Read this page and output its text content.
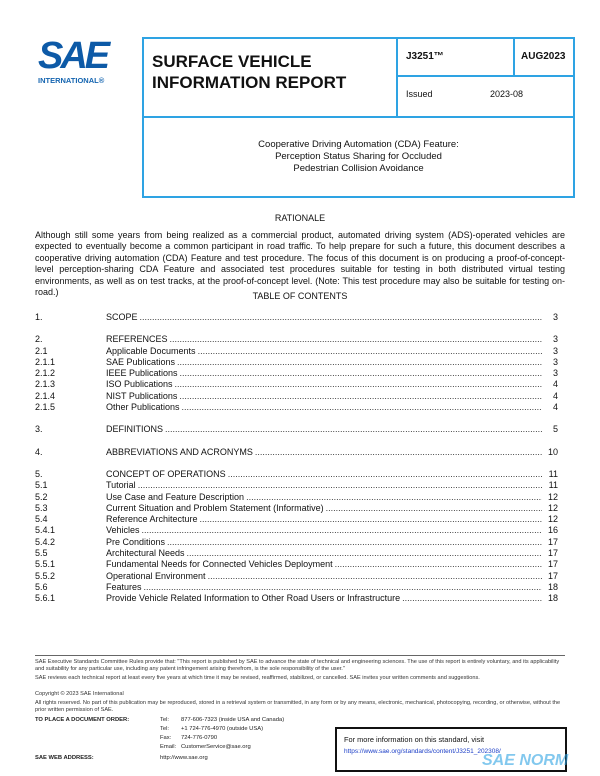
SAE
INTERNATIONAL®
SURFACE VEHICLE
INFORMATION REPORT
J3251™	AUG2023
Issued	2023-08
Cooperative Driving Automation (CDA) Feature:
Perception Status Sharing for Occluded
Pedestrian Collision Avoidance
RATIONALE
Although still some years from being realized as a commercial product, automated driving system (ADS)-operated vehicles are expected to eventually become a common participant in road traffic. To help prepare for such a future, this document describes a cooperative driving automation (CDA) Feature and test procedure. The focus of this document is on producing a proof-of-concept-level perception-sharing CDA Feature and associated test procedures suitable for testing in both distributed virtual testing environments, as well as on test tracks, at the proof-of-concept level. (Note: This test procedure may also be suitable for testing on-road.)	TABLE OF CONTENTS
1.	SCOPE .....	3
2.	REFERENCES .....	3
2.1	Applicable Documents .....	3
2.1.1	SAE Publications .....	3
2.1.2	IEEE Publications .....	3
2.1.3	ISO Publications .....	4
2.1.4	NIST Publications .....	4
2.1.5	Other Publications .....	4
3.	DEFINITIONS .....	5
4.	ABBREVIATIONS AND ACRONYMS .....	10
5.	CONCEPT OF OPERATIONS .....	11
5.1	Tutorial .....	11
5.2	Use Case and Feature Description .....	12
5.3	Current Situation and Problem Statement (Informative) .....	12
5.4	Reference Architecture .....	12
5.4.1	Vehicles .....	16
5.4.2	Pre Conditions .....	17
5.5	Architectural Needs .....	17
5.5.1	Fundamental Needs for Connected Vehicles Deployment .....	17
5.5.2	Operational Environment .....	17
5.6	Features .....	18
5.6.1	Provide Vehicle Related Information to Other Road Users or Infrastructure .....	18
SAE Executive Standards Committee Rules provide that: "This report is published by SAE to advance the state of technical and engineering sciences. The use of this report is entirely voluntary, and its applicability and suitability for any particular use, including any patent infringement arising therefrom, is the sole responsibility of the user."
SAE reviews each technical report at least every five years at which time it may be revised, reaffirmed, stabilized, or cancelled. SAE invites your written comments and suggestions.
Copyright © 2023 SAE International
All rights reserved. No part of this publication may be reproduced, stored in a retrieval system or transmitted, in any form or by any means, electronic, mechanical, photocopying, recording, or otherwise, without the prior written permission of SAE.
TO PLACE A DOCUMENT ORDER:	Tel: 877-606-7323 (inside USA and Canada)
Tel: +1 724-776-4970 (outside USA)
Fax: 724-776-0790
Email: CustomerService@sae.org
SAE WEB ADDRESS:	http://www.sae.org
For more information on this standard, visit
https://www.sae.org/standards/content/J3251_202308/
SAE NORM
